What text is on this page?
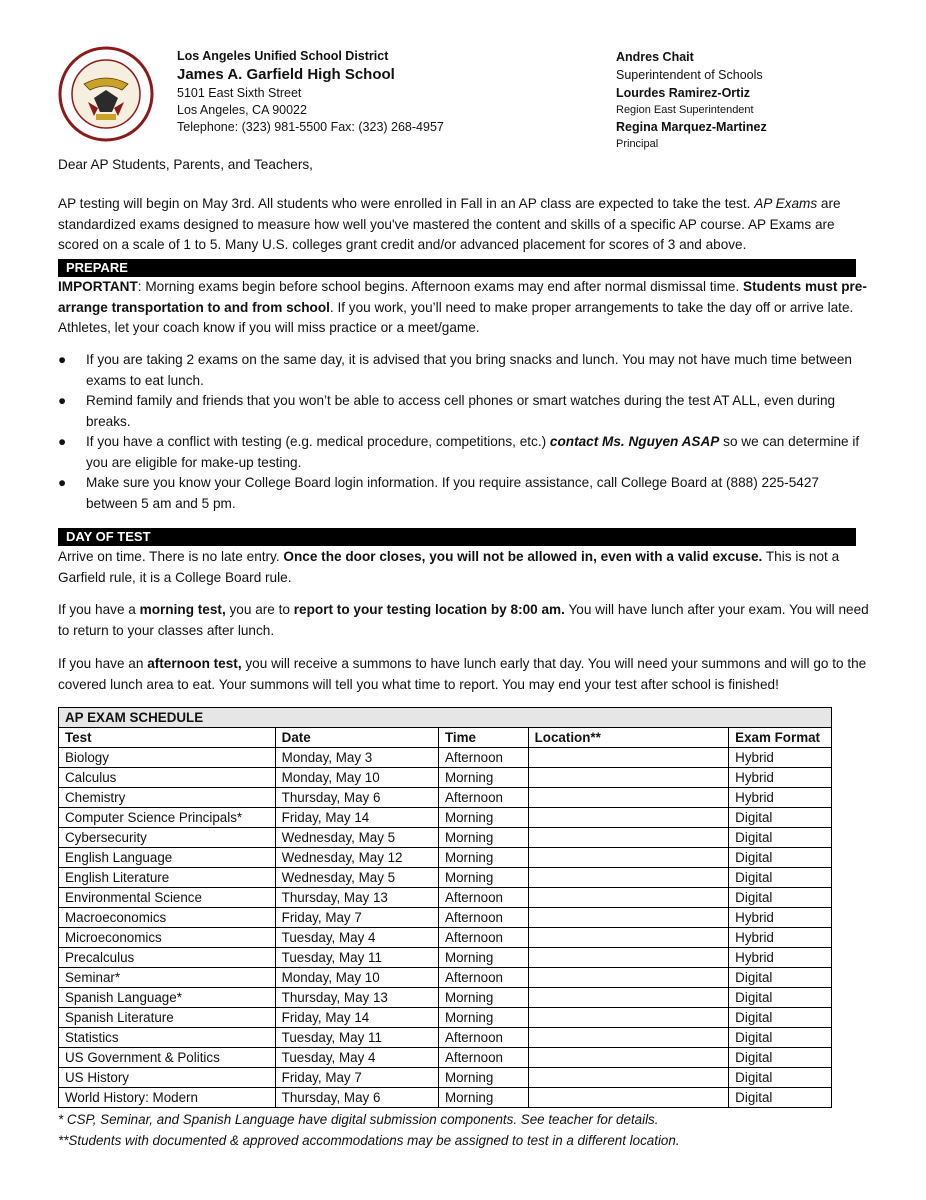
Los Angeles Unified School District
James A. Garfield High School
5101 East Sixth Street
Los Angeles, CA 90022
Telephone: (323) 981-5500 Fax: (323) 268-4957
Andres Chait
Superintendent of Schools
Lourdes Ramirez-Ortiz
Region East Superintendent
Regina Marquez-Martinez
Principal
Dear AP Students, Parents, and Teachers,
AP testing will begin on May 3rd. All students who were enrolled in Fall in an AP class are expected to take the test. AP Exams are standardized exams designed to measure how well you've mastered the content and skills of a specific AP course. AP Exams are scored on a scale of 1 to 5. Many U.S. colleges grant credit and/or advanced placement for scores of 3 and above.
PREPARE
IMPORTANT: Morning exams begin before school begins. Afternoon exams may end after normal dismissal time. Students must pre-arrange transportation to and from school. If you work, you’ll need to make proper arrangements to take the day off or arrive late. Athletes, let your coach know if you will miss practice or a meet/game.
● If you are taking 2 exams on the same day, it is advised that you bring snacks and lunch. You may not have much time between exams to eat lunch.
● Remind family and friends that you won’t be able to access cell phones or smart watches during the test AT ALL, even during breaks.
● If you have a conflict with testing (e.g. medical procedure, competitions, etc.) contact Ms. Nguyen ASAP so we can determine if you are eligible for make-up testing.
● Make sure you know your College Board login information. If you require assistance, call College Board at (888) 225-5427 between 5 am and 5 pm.
DAY OF TEST
Arrive on time. There is no late entry. Once the door closes, you will not be allowed in, even with a valid excuse. This is not a Garfield rule, it is a College Board rule.
If you have a morning test, you are to report to your testing location by 8:00 am. You will have lunch after your exam. You will need to return to your classes after lunch.
If you have an afternoon test, you will receive a summons to have lunch early that day. You will need your summons and will go to the covered lunch area to eat. Your summons will tell you what time to report. You may end your test after school is finished!
AP EXAM SCHEDULE				
Test	Date	Time	Location**	Exam Format
Biology	Monday, May 3	Afternoon		Hybrid
Calculus	Monday, May 10	Morning		Hybrid
Chemistry	Thursday, May 6	Afternoon		Hybrid
Computer Science Principals*	Friday, May 14	Morning		Digital
Cybersecurity	Wednesday, May 5	Morning		Digital
English Language	Wednesday, May 12	Morning		Digital
English Literature	Wednesday, May 5	Morning		Digital
Environmental Science	Thursday, May 13	Afternoon		Digital
Macroeconomics	Friday, May 7	Afternoon		Hybrid
Microeconomics	Tuesday, May 4	Afternoon		Hybrid
Precalculus	Tuesday, May 11	Morning		Hybrid
Seminar*	Monday, May 10	Afternoon		Digital
Spanish Language*	Thursday, May 13	Morning		Digital
Spanish Literature	Friday, May 14	Morning		Digital
Statistics	Tuesday, May 11	Afternoon		Digital
US Government & Politics	Tuesday, May 4	Afternoon		Digital
US History	Friday, May 7	Morning		Digital
World History: Modern	Thursday, May 6	Morning		Digital
* CSP, Seminar, and Spanish Language have digital submission components. See teacher for details.
**Students with documented & approved accommodations may be assigned to test in a different location.
